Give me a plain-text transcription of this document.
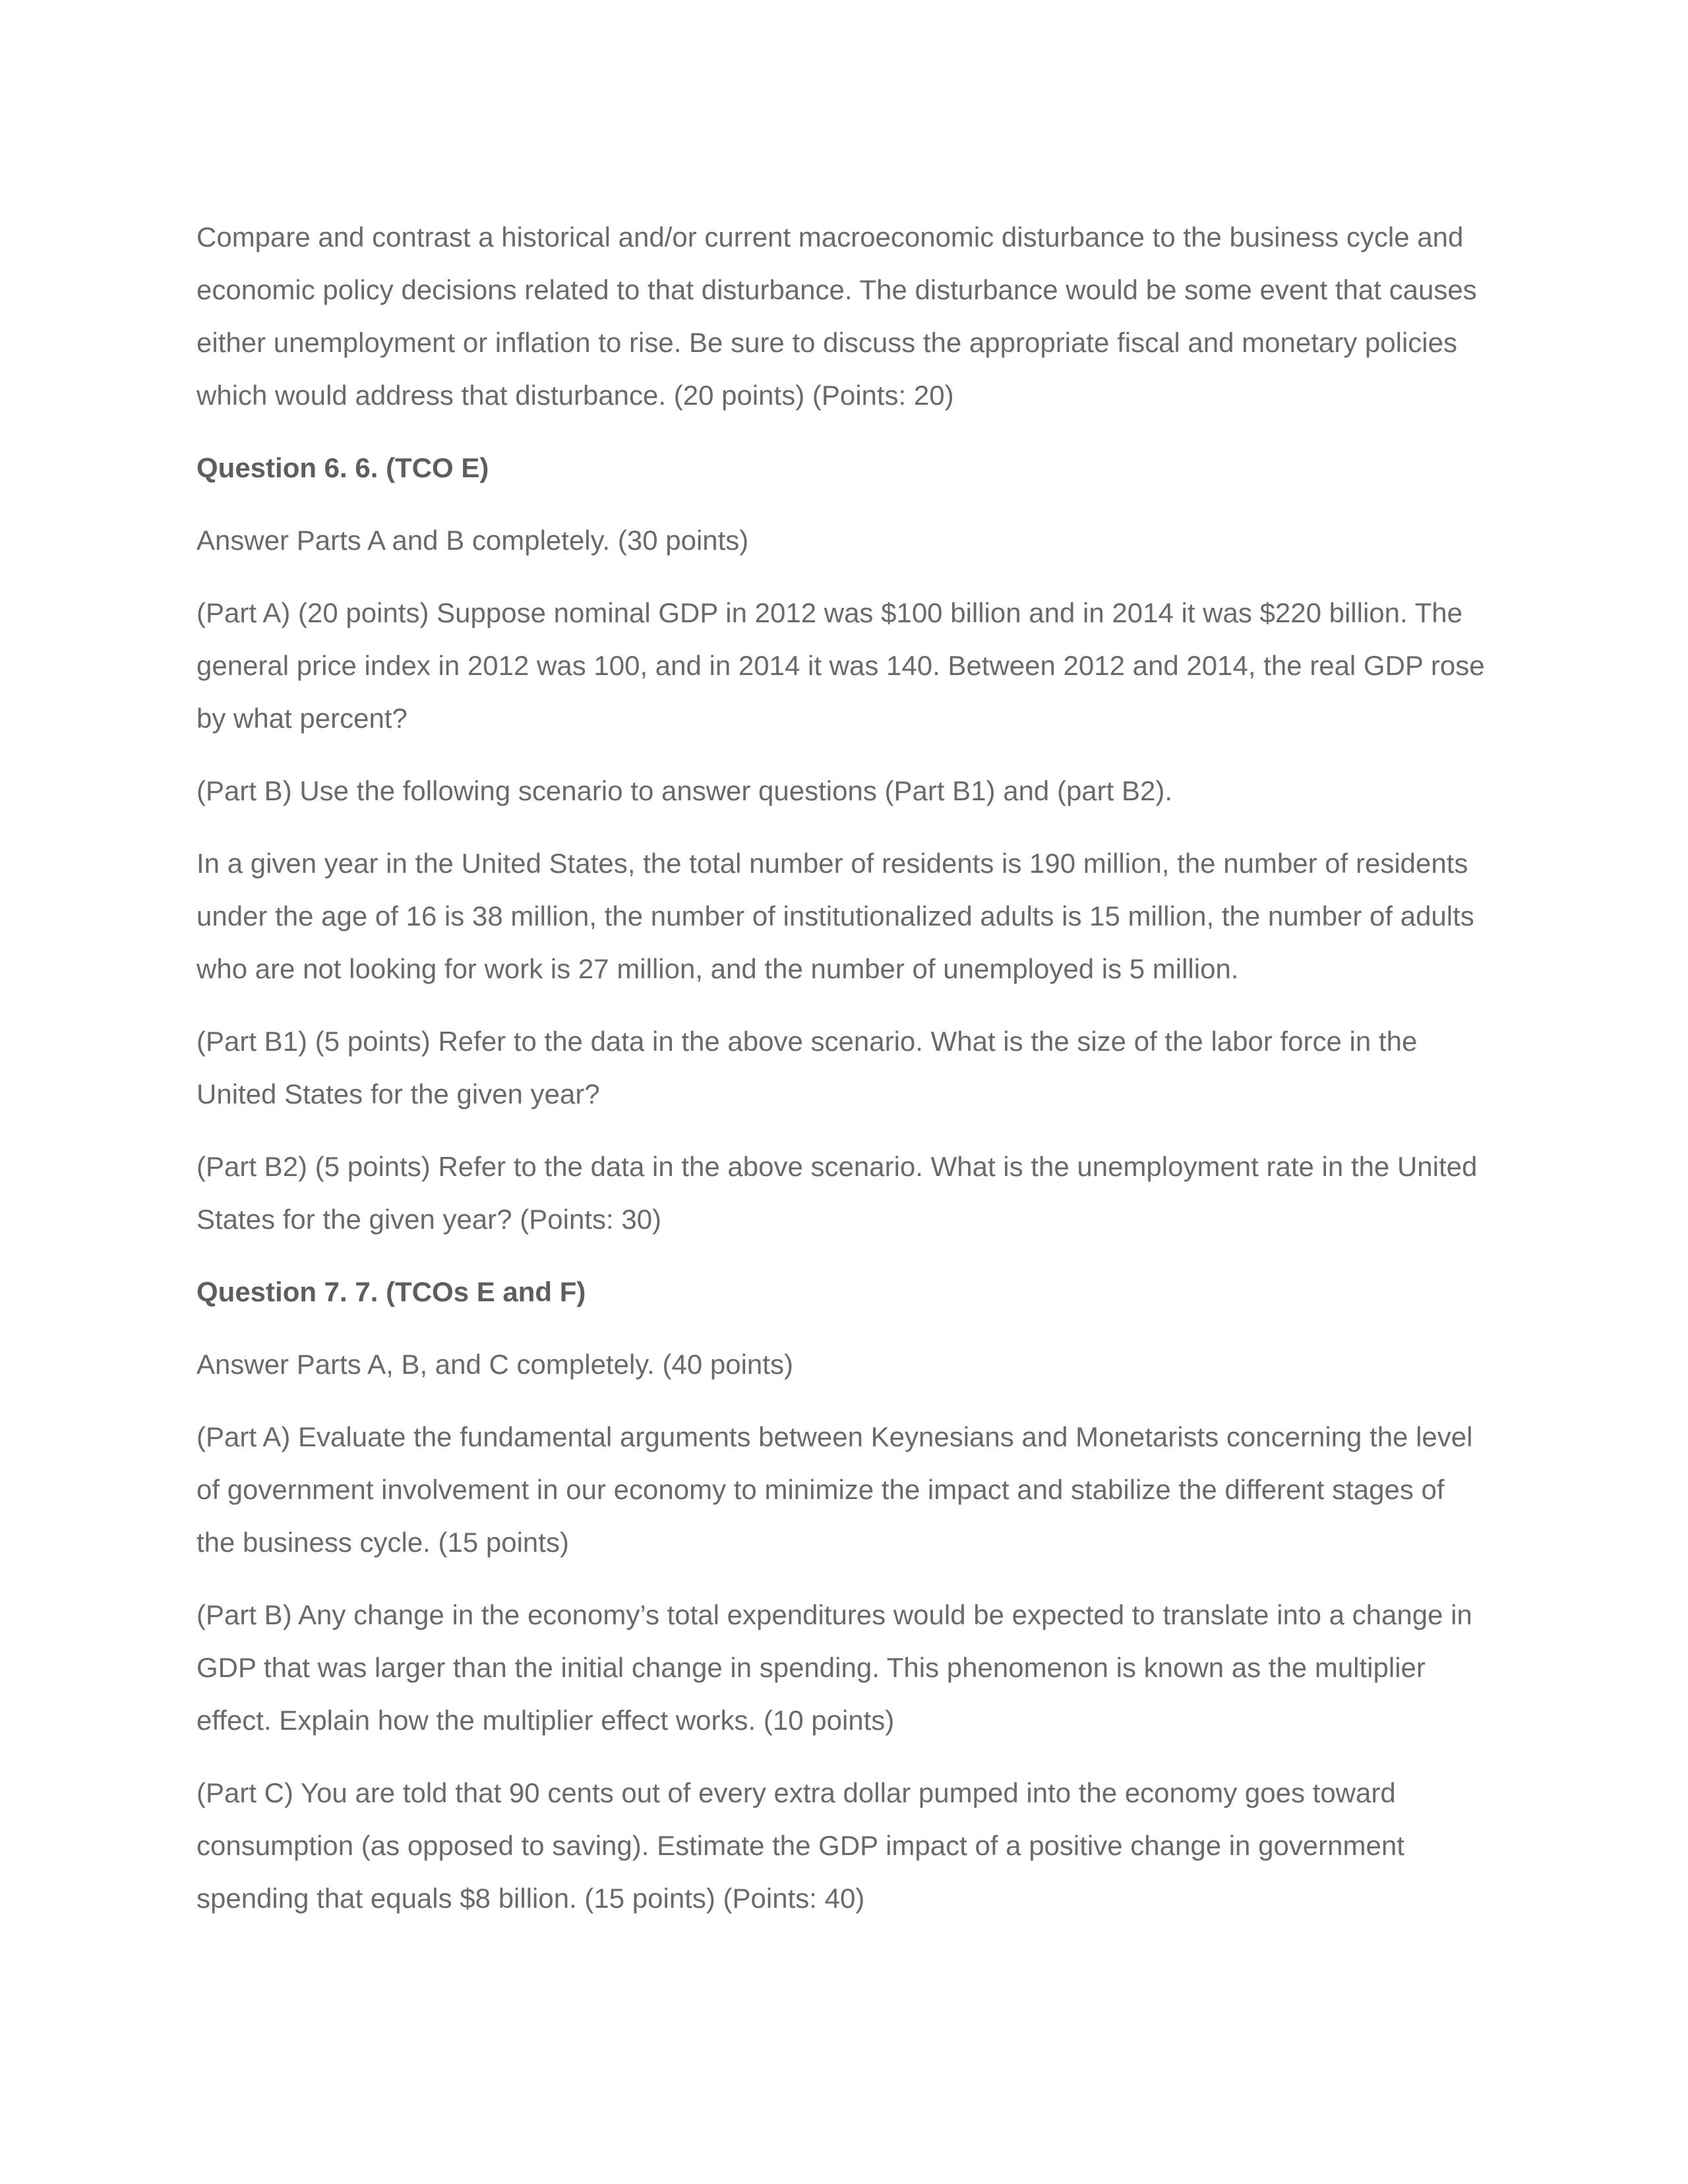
Compare and contrast a historical and/or current macroeconomic disturbance to the business cycle and economic policy decisions related to that disturbance. The disturbance would be some event that causes either unemployment or inflation to rise. Be sure to discuss the appropriate fiscal and monetary policies which would address that disturbance. (20 points) (Points: 20)

Question 6. 6. (TCO E)

Answer Parts A and B completely. (30 points)

(Part A) (20 points) Suppose nominal GDP in 2012 was $100 billion and in 2014 it was $220 billion. The general price index in 2012 was 100, and in 2014 it was 140. Between 2012 and 2014, the real GDP rose by what percent?

(Part B) Use the following scenario to answer questions (Part B1) and (part B2).

In a given year in the United States, the total number of residents is 190 million, the number of residents under the age of 16 is 38 million, the number of institutionalized adults is 15 million, the number of adults who are not looking for work is 27 million, and the number of unemployed is 5 million.

(Part B1) (5 points) Refer to the data in the above scenario. What is the size of the labor force in the United States for the given year?

(Part B2) (5 points) Refer to the data in the above scenario. What is the unemployment rate in the United States for the given year? (Points: 30)

Question 7. 7. (TCOs E and F)

Answer Parts A, B, and C completely. (40 points)

(Part A) Evaluate the fundamental arguments between Keynesians and Monetarists concerning the level of government involvement in our economy to minimize the impact and stabilize the different stages of the business cycle. (15 points)

(Part B) Any change in the economy’s total expenditures would be expected to translate into a change in GDP that was larger than the initial change in spending. This phenomenon is known as the multiplier effect. Explain how the multiplier effect works. (10 points)

(Part C) You are told that 90 cents out of every extra dollar pumped into the economy goes toward consumption (as opposed to saving). Estimate the GDP impact of a positive change in government spending that equals $8 billion. (15 points) (Points: 40)
